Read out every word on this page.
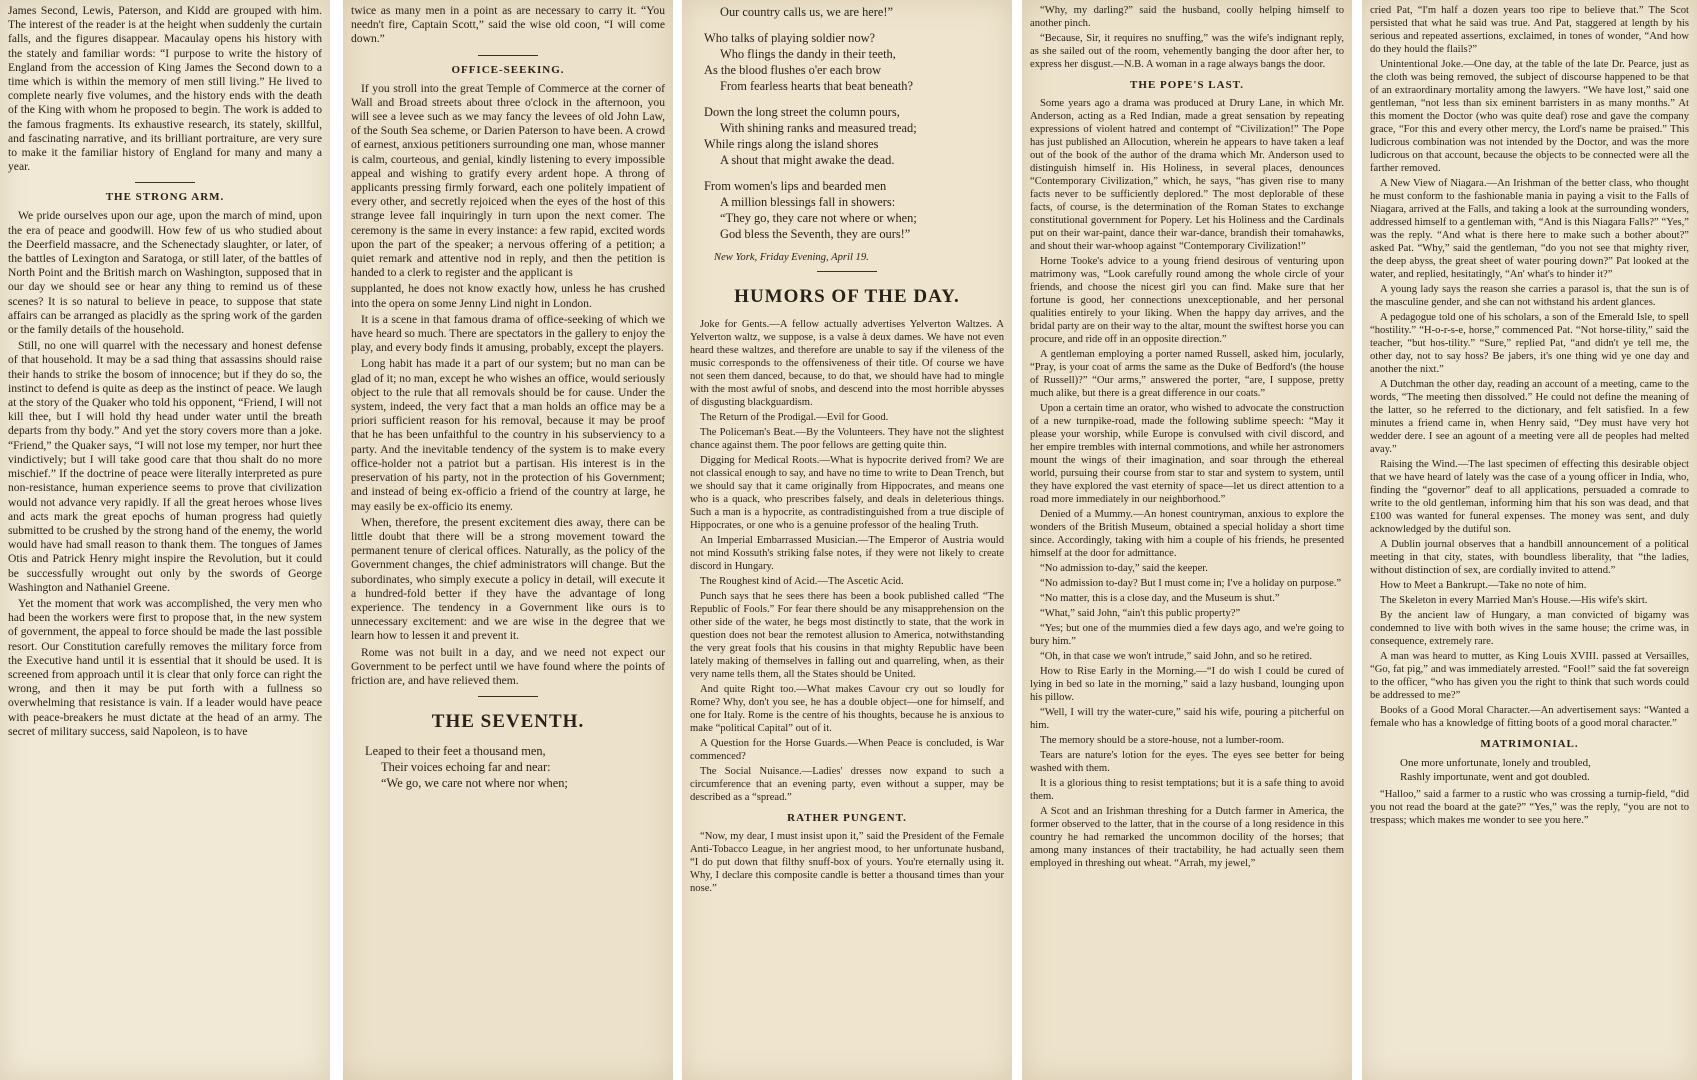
James Second, Lewis, Paterson, and Kidd are grouped with him. The interest of the reader is at the height when suddenly the curtain falls, and the figures disappear. Macaulay opens his history with the stately and familiar words: “I purpose to write the history of England from the accession of King James the Second down to a time which is within the memory of men still living.” He lived to complete nearly five volumes, and the history ends with the death of the King with whom he proposed to begin. The work is added to the famous fragments. Its exhaustive research, its stately, skillful, and fascinating narrative, and its brilliant portraiture, are very sure to make it the familiar history of England for many and many a year.

THE STRONG ARM.

We pride ourselves upon our age, upon the march of mind, upon the era of peace and goodwill. How few of us who studied about the Deerfield massacre, and the Schenectady slaughter, or later, of the battles of Lexington and Saratoga, or still later, of the battles of North Point and the British march on Washington, supposed that in our day we should see or hear any thing to remind us of these scenes? It is so natural to believe in peace, to suppose that state affairs can be arranged as placidly as the spring work of the garden or the family details of the household.

Still, no one will quarrel with the necessary and honest defense of that household. It may be a sad thing that assassins should raise their hands to strike the bosom of innocence; but if they do so, the instinct to defend is quite as deep as the instinct of peace. We laugh at the story of the Quaker who told his opponent, “Friend, I will not kill thee, but I will hold thy head under water until the breath departs from thy body.” And yet the story covers more than a joke. “Friend,” the Quaker says, “I will not lose my temper, nor hurt thee vindictively; but I will take good care that thou shalt do no more mischief.” If the doctrine of peace were literally interpreted as pure non-resistance, human experience seems to prove that civilization would not advance very rapidly. If all the great heroes whose lives and acts mark the great epochs of human progress had quietly submitted to be crushed by the strong hand of the enemy, the world would have had small reason to thank them. The tongues of James Otis and Patrick Henry might inspire the Revolution, but it could be successfully wrought out only by the swords of George Washington and Nathaniel Greene.

Yet the moment that work was accomplished, the very men who had been the workers were first to propose that, in the new system of government, the appeal to force should be made the last possible resort. Our Constitution carefully removes the military force from the Executive hand until it is essential that it should be used. It is screened from approach until it is clear that only force can right the wrong, and then it may be put forth with a fullness so overwhelming that resistance is vain. If a leader would have peace with peace-breakers he must dictate at the head of an army. The secret of military success, said Napoleon, is to have

twice as many men in a point as are necessary to carry it. “You needn't fire, Captain Scott,” said the wise old coon, “I will come down.”

OFFICE-SEEKING.

If you stroll into the great Temple of Commerce at the corner of Wall and Broad streets about three o'clock in the afternoon, you will see a levee such as we may fancy the levees of old John Law, of the South Sea scheme, or Darien Paterson to have been. A crowd of earnest, anxious petitioners surrounding one man, whose manner is calm, courteous, and genial, kindly listening to every impossible appeal and wishing to gratify every ardent hope. A throng of applicants pressing firmly forward, each one politely impatient of every other, and secretly rejoiced when the eyes of the host of this strange levee fall inquiringly in turn upon the next comer. The ceremony is the same in every instance: a few rapid, excited words upon the part of the speaker; a nervous offering of a petition; a quiet remark and attentive nod in reply, and then the petition is handed to a clerk to register and the applicant is

supplanted, he does not know exactly how, unless he has crushed into the opera on some Jenny Lind night in London.

It is a scene in that famous drama of office-seeking of which we have heard so much. There are spectators in the gallery to enjoy the play, and every body finds it amusing, probably, except the players.

Long habit has made it a part of our system; but no man can be glad of it; no man, except he who wishes an office, would seriously object to the rule that all removals should be for cause. Under the system, indeed, the very fact that a man holds an office may be a priori sufficient reason for his removal, because it may be proof that he has been unfaithful to the country in his subserviency to a party. And the inevitable tendency of the system is to make every office-holder not a patriot but a partisan. His interest is in the preservation of his party, not in the protection of his Government; and instead of being ex-officio a friend of the country at large, he may easily be ex-officio its enemy.

When, therefore, the present excitement dies away, there can be little doubt that there will be a strong movement toward the permanent tenure of clerical offices. Naturally, as the policy of the Government changes, the chief administrators will change. But the subordinates, who simply execute a policy in detail, will execute it a hundred-fold better if they have the advantage of long experience. The tendency in a Government like ours is to unnecessary excitement: and we are wise in the degree that we learn how to lessen it and prevent it.

Rome was not built in a day, and we need not expect our Government to be perfect until we have found where the points of friction are, and have relieved them.

THE SEVENTH.
Leaped to their feet a thousand men,
Their voices echoing far and near:
“We go, we care not where nor when;
Our country calls us, we are here!”
Who talks of playing soldier now?
Who flings the dandy in their teeth,
As the blood flushes o'er each brow
From fearless hearts that beat beneath?
Down the long street the column pours,
With shining ranks and measured tread;
While rings along the island shores
A shout that might awake the dead.
From women's lips and bearded men
A million blessings fall in showers:
“They go, they care not where or when;
God bless the Seventh, they are ours!”
New York, Friday Evening, April 19.
HUMORS OF THE DAY.

Joke for Gents.—A fellow actually advertises Yelverton Waltzes. A Yelverton waltz, we suppose, is a valse à deux dames. We have not even heard these waltzes, and therefore are unable to say if the vileness of the music corresponds to the offensiveness of their title. Of course we have not seen them danced, because, to do that, we should have had to mingle with the most awful of snobs, and descend into the most horrible abysses of disgusting blackguardism.

The Return of the Prodigal.—Evil for Good.

The Policeman's Beat.—By the Volunteers. They have not the slightest chance against them. The poor fellows are getting quite thin.

Digging for Medical Roots.—What is hypocrite derived from? We are not classical enough to say, and have no time to write to Dean Trench, but we should say that it came originally from Hippocrates, and means one who is a quack, who prescribes falsely, and deals in deleterious things. Such a man is a hypocrite, as contradistinguished from a true disciple of Hippocrates, or one who is a genuine professor of the healing Truth.

An Imperial Embarrassed Musician.—The Emperor of Austria would not mind Kossuth's striking false notes, if they were not likely to create discord in Hungary.

The Roughest kind of Acid.—The Ascetic Acid.

Punch says that he sees there has been a book published called “The Republic of Fools.” For fear there should be any misapprehension on the other side of the water, he begs most distinctly to state, that the work in question does not bear the remotest allusion to America, notwithstanding the very great fools that his cousins in that mighty Republic have been lately making of themselves in falling out and quarreling, when, as their very name tells them, all the States should be United.

And quite Right too.—What makes Cavour cry out so loudly for Rome? Why, don't you see, he has a double object—one for himself, and one for Italy. Rome is the centre of his thoughts, because he is anxious to make “political Capital” out of it.

A Question for the Horse Guards.—When Peace is concluded, is War commenced?

The Social Nuisance.—Ladies' dresses now expand to such a circumference that an evening party, even without a supper, may be described as a “spread.”

RATHER PUNGENT.

“Now, my dear, I must insist upon it,” said the President of the Female Anti-Tobacco League, in her angriest mood, to her unfortunate husband, “I do put down that filthy snuff-box of yours. You're eternally using it. Why, I declare this composite candle is better a thousand times than your nose.”

“Why, my darling?” said the husband, coolly helping himself to another pinch.

“Because, Sir, it requires no snuffing,” was the wife's indignant reply, as she sailed out of the room, vehemently banging the door after her, to express her disgust.—N.B. A woman in a rage always bangs the door.

THE POPE'S LAST.

Some years ago a drama was produced at Drury Lane, in which Mr. Anderson, acting as a Red Indian, made a great sensation by repeating expressions of violent hatred and contempt of “Civilization!” The Pope has just published an Allocution, wherein he appears to have taken a leaf out of the book of the author of the drama which Mr. Anderson used to distinguish himself in. His Holiness, in several places, denounces “Contemporary Civilization,” which, he says, “has given rise to many facts never to be sufficiently deplored.” The most deplorable of these facts, of course, is the determination of the Roman States to exchange constitutional government for Popery. Let his Holiness and the Cardinals put on their war-paint, dance their war-dance, brandish their tomahawks, and shout their war-whoop against “Contemporary Civilization!”

Horne Tooke's advice to a young friend desirous of venturing upon matrimony was, “Look carefully round among the whole circle of your friends, and choose the nicest girl you can find. Make sure that her fortune is good, her connections unexceptionable, and her personal qualities entirely to your liking. When the happy day arrives, and the bridal party are on their way to the altar, mount the swiftest horse you can procure, and ride off in an opposite direction.”

A gentleman employing a porter named Russell, asked him, jocularly, “Pray, is your coat of arms the same as the Duke of Bedford's (the house of Russell)?” “Our arms,” answered the porter, “are, I suppose, pretty much alike, but there is a great difference in our coats.”

Upon a certain time an orator, who wished to advocate the construction of a new turnpike-road, made the following sublime speech: “May it please your worship, while Europe is convulsed with civil discord, and her empire trembles with internal commotions, and while her astronomers mount the wings of their imagination, and soar through the ethereal world, pursuing their course from star to star and system to system, until they have explored the vast eternity of space—let us direct attention to a road more immediately in our neighborhood.”

Denied of a Mummy.—An honest countryman, anxious to explore the wonders of the British Museum, obtained a special holiday a short time since. Accordingly, taking with him a couple of his friends, he presented himself at the door for admittance.

“No admission to-day,” said the keeper.

“No admission to-day? But I must come in; I've a holiday on purpose.”

“No matter, this is a close day, and the Museum is shut.”

“What,” said John, “ain't this public property?”

“Yes; but one of the mummies died a few days ago, and we're going to bury him.”

“Oh, in that case we won't intrude,” said John, and so he retired.

How to Rise Early in the Morning.—“I do wish I could be cured of lying in bed so late in the morning,” said a lazy husband, lounging upon his pillow.

“Well, I will try the water-cure,” said his wife, pouring a pitcherful on him.

The memory should be a store-house, not a lumber-room.

Tears are nature's lotion for the eyes. The eyes see better for being washed with them.

It is a glorious thing to resist temptations; but it is a safe thing to avoid them.

A Scot and an Irishman threshing for a Dutch farmer in America, the former observed to the latter, that in the course of a long residence in this country he had remarked the uncommon docility of the horses; that among many instances of their tractability, he had actually seen them employed in threshing out wheat. “Arrah, my jewel,”

cried Pat, “I'm half a dozen years too ripe to believe that.” The Scot persisted that what he said was true. And Pat, staggered at length by his serious and repeated assertions, exclaimed, in tones of wonder, “And how do they hould the flails?”

Unintentional Joke.—One day, at the table of the late Dr. Pearce, just as the cloth was being removed, the subject of discourse happened to be that of an extraordinary mortality among the lawyers. “We have lost,” said one gentleman, “not less than six eminent barristers in as many months.” At this moment the Doctor (who was quite deaf) rose and gave the company grace, “For this and every other mercy, the Lord's name be praised.” This ludicrous combination was not intended by the Doctor, and was the more ludicrous on that account, because the objects to be connected were all the farther removed.

A New View of Niagara.—An Irishman of the better class, who thought he must conform to the fashionable mania in paying a visit to the Falls of Niagara, arrived at the Falls, and taking a look at the surrounding wonders, addressed himself to a gentleman with, “And is this Niagara Falls?” “Yes,” was the reply. “And what is there here to make such a bother about?” asked Pat. “Why,” said the gentleman, “do you not see that mighty river, the deep abyss, the great sheet of water pouring down?” Pat looked at the water, and replied, hesitatingly, “An' what's to hinder it?”

A young lady says the reason she carries a parasol is, that the sun is of the masculine gender, and she can not withstand his ardent glances.

A pedagogue told one of his scholars, a son of the Emerald Isle, to spell “hostility.” “H-o-r-s-e, horse,” commenced Pat. “Not horse-tility,” said the teacher, “but hos-tility.” “Sure,” replied Pat, “and didn't ye tell me, the other day, not to say hoss? Be jabers, it's one thing wid ye one day and another the nixt.”

A Dutchman the other day, reading an account of a meeting, came to the words, “The meeting then dissolved.” He could not define the meaning of the latter, so he referred to the dictionary, and felt satisfied. In a few minutes a friend came in, when Henry said, “Dey must have very hot wedder dere. I see an agount of a meeting vere all de peoples had melted avay.”

Raising the Wind.—The last specimen of effecting this desirable object that we have heard of lately was the case of a young officer in India, who, finding the “governor” deaf to all applications, persuaded a comrade to write to the old gentleman, informing him that his son was dead, and that £100 was wanted for funeral expenses. The money was sent, and duly acknowledged by the dutiful son.

A Dublin journal observes that a handbill announcement of a political meeting in that city, states, with boundless liberality, that “the ladies, without distinction of sex, are cordially invited to attend.”

How to Meet a Bankrupt.—Take no note of him.

The Skeleton in every Married Man's House.—His wife's skirt.

By the ancient law of Hungary, a man convicted of bigamy was condemned to live with both wives in the same house; the crime was, in consequence, extremely rare.

A man was heard to mutter, as King Louis XVIII. passed at Versailles, “Go, fat pig,” and was immediately arrested. “Fool!” said the fat sovereign to the officer, “who has given you the right to think that such words could be addressed to me?”

Books of a Good Moral Character.—An advertisement says: “Wanted a female who has a knowledge of fitting boots of a good moral character.”

MATRIMONIAL.
One more unfortunate, lonely and troubled,
Rashly importunate, went and got doubled.

“Halloo,” said a farmer to a rustic who was crossing a turnip-field, “did you not read the board at the gate?” “Yes,” was the reply, “you are not to trespass; which makes me wonder to see you here.”
